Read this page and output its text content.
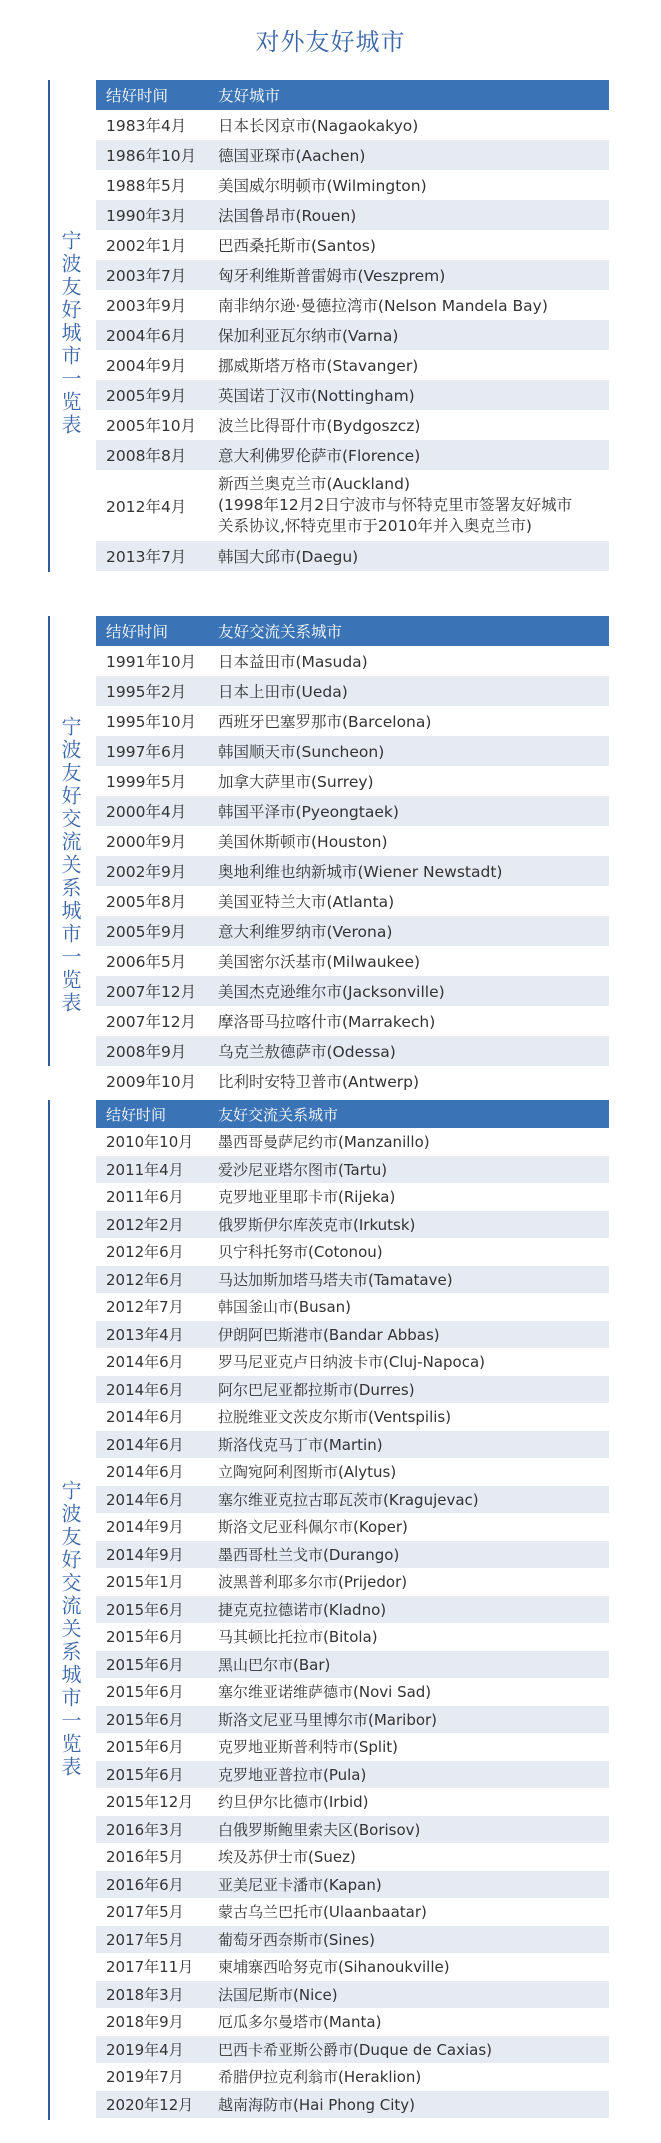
对外友好城市
宁波友好城市一览表
结好时间	友好城市
1983年4月	日本长冈京市(Nagaokakyo)
1986年10月	德国亚琛市(Aachen)
1988年5月	美国威尔明顿市(Wilmington)
1990年3月	法国鲁昂市(Rouen)
2002年1月	巴西桑托斯市(Santos)
2003年7月	匈牙利维斯普雷姆市(Veszprem)
2003年9月	南非纳尔逊·曼德拉湾市(Nelson Mandela Bay)
2004年6月	保加利亚瓦尔纳市(Varna)
2004年9月	挪威斯塔万格市(Stavanger)
2005年9月	英国诺丁汉市(Nottingham)
2005年10月	波兰比得哥什市(Bydgoszcz)
2008年8月	意大利佛罗伦萨市(Florence)
2012年4月	新西兰奥克兰市(Auckland)
(1998年12月2日宁波市与怀特克里市签署友好城市
关系协议,怀特克里市于2010年并入奥克兰市)

2013年7月	韩国大邱市(Daegu)
宁波友好交流关系城市一览表
结好时间	友好交流关系城市
1991年10月	日本益田市(Masuda)
1995年2月	日本上田市(Ueda)
1995年10月	西班牙巴塞罗那市(Barcelona)
1997年6月	韩国顺天市(Suncheon)
1999年5月	加拿大萨里市(Surrey)
2000年4月	韩国平泽市(Pyeongtaek)
2000年9月	美国休斯顿市(Houston)
2002年9月	奥地利维也纳新城市(Wiener Newstadt)
2005年8月	美国亚特兰大市(Atlanta)
2005年9月	意大利维罗纳市(Verona)
2006年5月	美国密尔沃基市(Milwaukee)
2007年12月	美国杰克逊维尔市(Jacksonville)
2007年12月	摩洛哥马拉喀什市(Marrakech)
2008年9月	乌克兰敖德萨市(Odessa)
2009年10月	比利时安特卫普市(Antwerp)
宁波友好交流关系城市一览表
结好时间	友好交流关系城市
2010年10月	墨西哥曼萨尼约市(Manzanillo)
2011年4月	爱沙尼亚塔尔图市(Tartu)
2011年6月	克罗地亚里耶卡市(Rijeka)
2012年2月	俄罗斯伊尔库茨克市(Irkutsk)
2012年6月	贝宁科托努市(Cotonou)
2012年6月	马达加斯加塔马塔夫市(Tamatave)
2012年7月	韩国釜山市(Busan)
2013年4月	伊朗阿巴斯港市(Bandar Abbas)
2014年6月	罗马尼亚克卢日纳波卡市(Cluj-Napoca)
2014年6月	阿尔巴尼亚都拉斯市(Durres)
2014年6月	拉脱维亚文茨皮尔斯市(Ventspilis)
2014年6月	斯洛伐克马丁市(Martin)
2014年6月	立陶宛阿利图斯市(Alytus)
2014年6月	塞尔维亚克拉古耶瓦茨市(Kragujevac)
2014年9月	斯洛文尼亚科佩尔市(Koper)
2014年9月	墨西哥杜兰戈市(Durango)
2015年1月	波黑普利耶多尔市(Prijedor)
2015年6月	捷克克拉德诺市(Kladno)
2015年6月	马其顿比托拉市(Bitola)
2015年6月	黑山巴尔市(Bar)
2015年6月	塞尔维亚诺维萨德市(Novi Sad)
2015年6月	斯洛文尼亚马里博尔市(Maribor)
2015年6月	克罗地亚斯普利特市(Split)
2015年6月	克罗地亚普拉市(Pula)
2015年12月	约旦伊尔比德市(Irbid)
2016年3月	白俄罗斯鲍里索夫区(Borisov)
2016年5月	埃及苏伊士市(Suez)
2016年6月	亚美尼亚卡潘市(Kapan)
2017年5月	蒙古乌兰巴托市(Ulaanbaatar)
2017年5月	葡萄牙西奈斯市(Sines)
2017年11月	柬埔寨西哈努克市(Sihanoukville)
2018年3月	法国尼斯市(Nice)
2018年9月	厄瓜多尔曼塔市(Manta)
2019年4月	巴西卡希亚斯公爵市(Duque de Caxias)
2019年7月	希腊伊拉克利翁市(Heraklion)
2020年12月	越南海防市(Hai Phong City)
